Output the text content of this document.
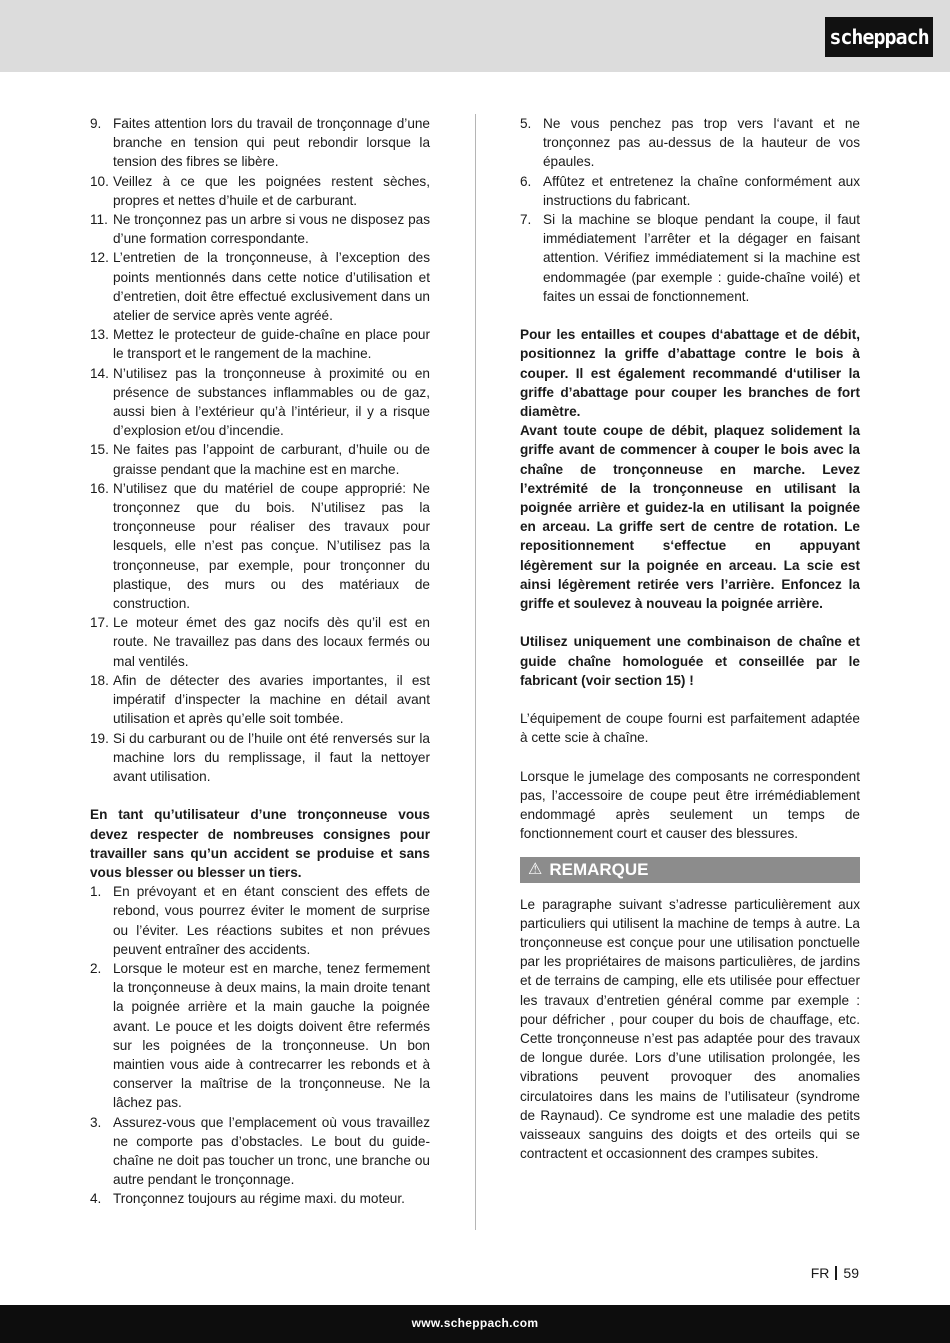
scheppach
9. Faites attention lors du travail de tronçonnage d’une branche en tension qui peut rebondir lorsque la tension des fibres se libère.
10. Veillez à ce que les poignées restent sèches, propres et nettes d’huile et de carburant.
11. Ne tronçonnez pas un arbre si vous ne disposez pas d’une formation correspondante.
12. L’entretien de la tronçonneuse, à l’exception des points mentionnés dans cette notice d’utilisation et d’entretien, doit être effectué exclusivement dans un atelier de service après vente agréé.
13. Mettez le protecteur de guide-chaîne en place pour le transport et le rangement de la machine.
14. N’utilisez pas la tronçonneuse à proximité ou en présence de substances inflammables ou de gaz, aussi bien à l’extérieur qu’à l’intérieur, il y a risque d’explosion et/ou d’incendie.
15. Ne faites pas l’appoint de carburant, d’huile ou de graisse pendant que la machine est en marche.
16. N’utilisez que du matériel de coupe approprié: Ne tronçonnez que du bois. N’utilisez pas la tronçonneuse pour réaliser des travaux pour lesquels, elle n’est pas conçue. N’utilisez pas la tronçonneuse, par exemple, pour tronçonner du plastique, des murs ou des matériaux de construction.
17. Le moteur émet des gaz nocifs dès qu’il est en route. Ne travaillez pas dans des locaux fermés ou mal ventilés.
18. Afin de détecter des avaries importantes, il est impératif d’inspecter la machine en détail avant utilisation et après qu’elle soit tombée.
19. Si du carburant ou de l’huile ont été renversés sur la machine lors du remplissage, il faut la nettoyer avant utilisation.

En tant qu’utilisateur d’une tronçonneuse vous devez respecter de nombreuses consignes pour travailler sans qu’un accident se produise et sans vous blesser ou blesser un tiers.

1. En prévoyant et en étant conscient des effets de rebond, vous pourrez éviter le moment de surprise ou l’éviter. Les réactions subites et non prévues peuvent entraîner des accidents.
2. Lorsque le moteur est en marche, tenez fermement la tronçonneuse à deux mains, la main droite tenant la poignée arrière et la main gauche la poignée avant. Le pouce et les doigts doivent être refermés sur les poignées de la tronçonneuse. Un bon maintien vous aide à contrecarrer les rebonds et à conserver la maîtrise de la tronçonneuse. Ne la lâchez pas.
3. Assurez-vous que l’emplacement où vous travaillez ne comporte pas d’obstacles. Le bout du guide-chaîne ne doit pas toucher un tronc, une branche ou autre pendant le tronçonnage.
4. Tronçonnez toujours au régime maxi. du moteur.
5. Ne vous penchez pas trop vers l‘avant et ne tronçonnez pas au-dessus de la hauteur de vos épaules.
6. Affûtez et entretenez la chaîne conformément aux instructions du fabricant.
7. Si la machine se bloque pendant la coupe, il faut immédiatement l’arrêter et la dégager en faisant attention. Vérifiez immédiatement si la machine est endommagée (par exemple : guide-chaîne voilé) et faites un essai de fonctionnement.

Pour les entailles et coupes d‘abattage et de débit, positionnez la griffe d’abattage contre le bois à couper. Il est également recommandé d‘utiliser la griffe d’abattage pour couper les branches de fort diamètre.

Avant toute coupe de débit, plaquez solidement la griffe avant de commencer à couper le bois avec la chaîne de tronçonneuse en marche. Levez l’extrémité de la tronçonneuse en utilisant la poignée arrière et guidez-la en utilisant la poignée en arceau. La griffe sert de centre de rotation. Le repositionnement s‘effectue en appuyant légèrement sur la poignée en arceau. La scie est ainsi légèrement retirée vers l’arrière. Enfoncez la griffe et soulevez à nouveau la poignée arrière.

Utilisez uniquement une combinaison de chaîne et guide chaîne homologuée et conseillée par le fabricant (voir section 15) !

L’équipement de coupe fourni est parfaitement adaptée à cette scie à chaîne.

Lorsque le jumelage des composants ne correspondent pas, l’accessoire de coupe peut être irrémédiablement endommagé après seulement un temps de fonctionnement court et causer des blessures.

⚠ REMARQUE

Le paragraphe suivant s’adresse particulièrement aux particuliers qui utilisent la machine de temps à autre. La tronçonneuse est conçue pour une utilisation ponctuelle par les propriétaires de maisons particulières, de jardins et de terrains de camping, elle ets utilisée pour effectuer les travaux d’entretien général comme par exemple : pour défricher , pour couper du bois de chauffage, etc. Cette tronçonneuse n’est pas adaptée pour des travaux de longue durée. Lors d’une utilisation prolongée, les vibrations peuvent provoquer des anomalies circulatoires dans les mains de l’utilisateur (syndrome de Raynaud). Ce syndrome est une maladie des petits vaisseaux sanguins des doigts et des orteils qui se contractent et occasionnent des crampes subites.

FR 59
www.scheppach.com
